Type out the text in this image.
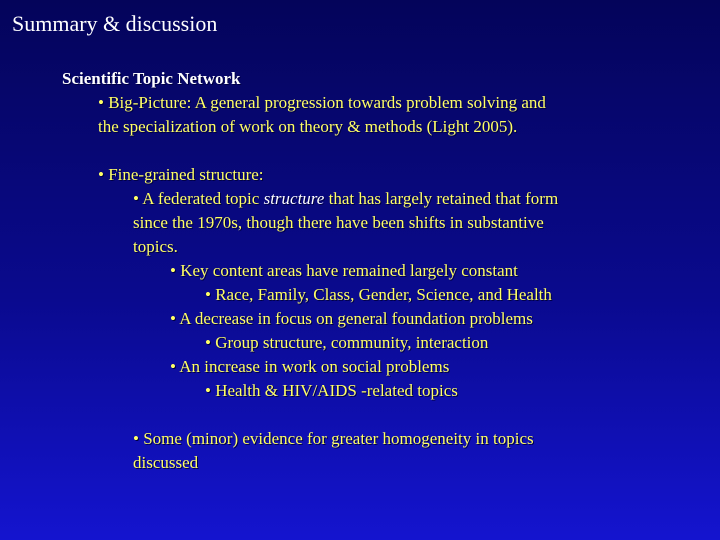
Summary & discussion
Scientific Topic Network
• Big-Picture: A general progression towards problem solving and
the specialization of work on theory & methods (Light 2005).
• Fine-grained structure:
• A federated topic structure that has largely retained that form
since the 1970s, though there have been shifts in substantive
topics.
• Key content areas have remained largely constant
• Race, Family, Class, Gender, Science, and Health
• A decrease in focus on general foundation problems
• Group structure, community, interaction
• An increase in work on social problems
• Health & HIV/AIDS -related topics
• Some (minor) evidence for greater homogeneity in topics
discussed
